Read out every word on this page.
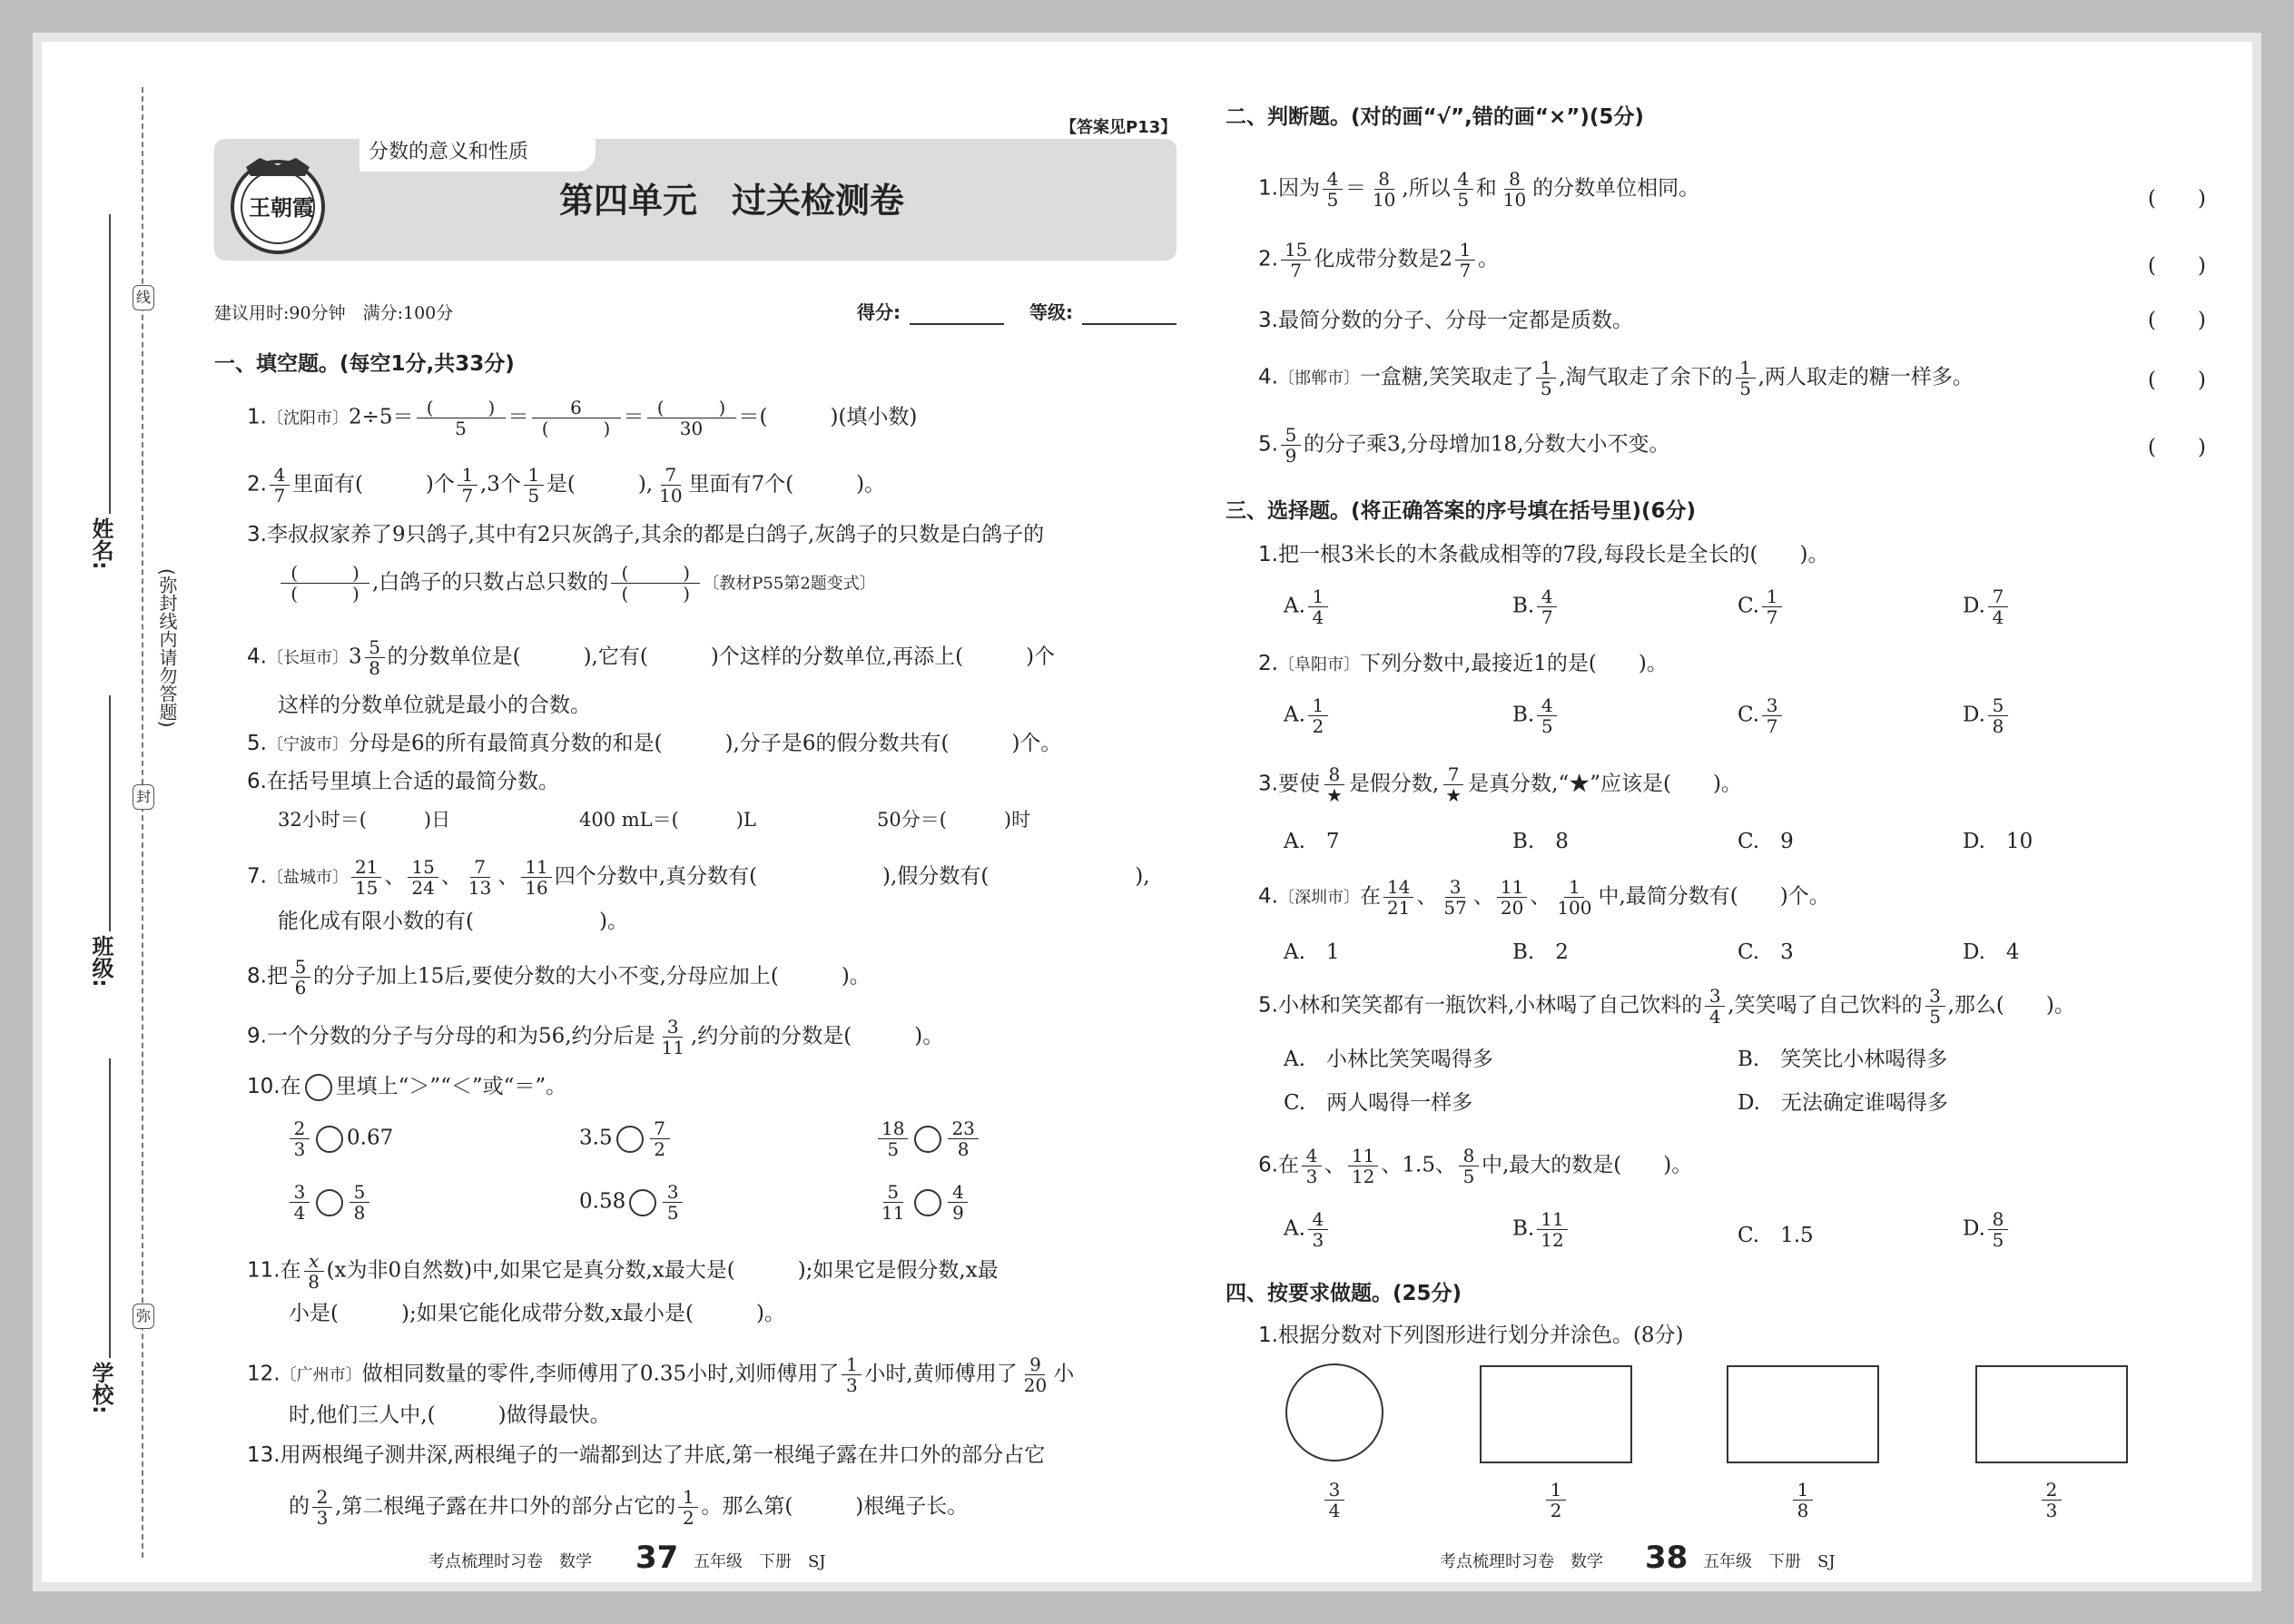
线
封
弥
(弥封线内请勿答题)
姓名:
班级:
学校:
王朝霞
分数的意义和性质
第四单元　过关检测卷
【答案见P13】
建议用时:90分钟　满分:100分	得分:	等级:
一、填空题。(每空1分,共33分)
1.〔沈阳市〕2÷5＝ (　　　)
5	＝	6
(　　　) ＝ (　　　)
30	＝(　　　)(填小数)
2. $\frac{4}{7}$ 里面有(　　　)个 $\frac{1}{7} ,3$个 $\frac{1}{5}$ 是(　　　), $\frac{7}{10}$ 里面有7个(　　　)。
3.李叔叔家养了9只鸽子,其中有2只灰鸽子,其余的都是白鸽子,灰鸽子的只数是白鸽子的
(　　　)
(　　　) ,白鸽子的只数占总只数的 (　　　)
(　　　) 〔教材P55第2题变式〕
4.〔长垣市〕$3 \frac{5}{8}$ 的分数单位是(　　　),它有(　　　)个这样的分数单位,再添上(　　　)个
这样的分数单位就是最小的合数。
5.〔宁波市〕分母是6的所有最简真分数的和是(　　　),分子是6的假分数共有(　　　)个。
6.在括号里填上合适的最简分数。
32小时＝(　　　)日	400 mL＝(　　　)L	50分＝(　　　)时
7.〔盐城市〕 $\frac{21}{15}$ 、 $\frac{15}{24}$ 、 $\frac{7}{13}$ 、 $\frac{11}{16}$ 四个分数中,真分数有(　　　　　　),假分数有(　　　　　　　),
能化成有限小数的有(　　　　　　)。
8.把 $\frac{5}{6}$ 的分子加上15后,要使分数的大小不变,分母应加上(　　　)。
9.一个分数的分子与分母的和为56,约分后是 $\frac{3}{11}$ ,约分前的分数是(　　　)。
10.在 里填上“＞”“＜”或“＝”。
$\frac{2}{3} 0.67$	$3.5 \frac{7}{2}$	$\frac{18}{5} \frac{23}{8}$
$\frac{3}{4} \frac{5}{8}$	$0.58 \frac{3}{5}$	$\frac{5}{11} \frac{4}{9}$
11.在 $\frac{x}{8} (x$为非0自然数)中,如果它是真分数,x最大是(　　　);如果它是假分数,x最
小是(　　　);如果它能化成带分数,x最小是(　　　)。
12.〔广州市〕做相同数量的零件,李师傅用了0.35小时,刘师傅用了 $\frac{1}{3}$ 小时,黄师傅用了 $\frac{9}{20}$ 小
时,他们三人中,(　　　)做得最快。
13.用两根绳子测井深,两根绳子的一端都到达了井底,第一根绳子露在井口外的部分占它
的 $\frac{2}{3}$ ,第二根绳子露在井口外的部分占它的 $\frac{1}{2}$ 。那么第(　　　)根绳子长。
考点梳理时习卷　数学 37 五年级　下册　SJ
二、判断题。(对的画“√”,错的画“×”)(5分)
1.因为 $\frac{4}{5} = \frac{8}{10}$ ,所以 $\frac{4}{5}$ 和 $\frac{8}{10}$ 的分数单位相同。	(　　)
2. $\frac{15}{7}$ 化成带分数是$2 \frac{1}{7}$ 。	(　　)
3.最简分数的分子、分母一定都是质数。	(　　)
4.〔邯郸市〕一盒糖,笑笑取走了 $\frac{1}{5}$ ,淘气取走了余下的 $\frac{1}{5}$ ,两人取走的糖一样多。	(　　)
5. $\frac{5}{9}$ 的分子乘3,分母增加18,分数大小不变。	(　　)
三、选择题。(将正确答案的序号填在括号里)(6分)
1.把一根3米长的木条截成相等的7段,每段长是全长的(　　)。
A. $\frac{1}{4}$	B. $\frac{4}{7}$	C. $\frac{1}{7}$	D. $\frac{7}{4}$
2.〔阜阳市〕下列分数中,最接近1的是(　　)。
A. $\frac{1}{2}$	B. $\frac{4}{5}$	C. $\frac{3}{7}$	D. $\frac{5}{8}$
3.要使 8
★ 是假分数, 7
★ 是真分数,“★”应该是(　　)。
A.　7	B.　8	C.　9	D.　10
4.〔深圳市〕在 $\frac{14}{21}$ 、 $\frac{3}{57}$ 、 $\frac{11}{20}$ 、 $\frac{1}{100}$ 中,最简分数有(　　)个。
A.　1	B.　2	C.　3	D.　4
5.小林和笑笑都有一瓶饮料,小林喝了自己饮料的 $\frac{3}{4}$ ,笑笑喝了自己饮料的 $\frac{3}{5}$ ,那么(　　)。
A.　小林比笑笑喝得多	B.　笑笑比小林喝得多
C.　两人喝得一样多	D.　无法确定谁喝得多
6.在 $\frac{4}{3}$ 、 $\frac{11}{12}$ 、1.5、 $\frac{8}{5}$ 中,最大的数是(　　)。
A. $\frac{4}{3}$	B. $\frac{11}{12}$	C.　 1.5	D. $\frac{8}{5}$
四、按要求做题。(25分)
1.根据分数对下列图形进行划分并涂色。(8分)
$\frac{3}{4}$	$\frac{1}{2}$	$\frac{1}{8}$	$\frac{2}{3}$
考点梳理时习卷　数学 38 五年级　下册　SJ
